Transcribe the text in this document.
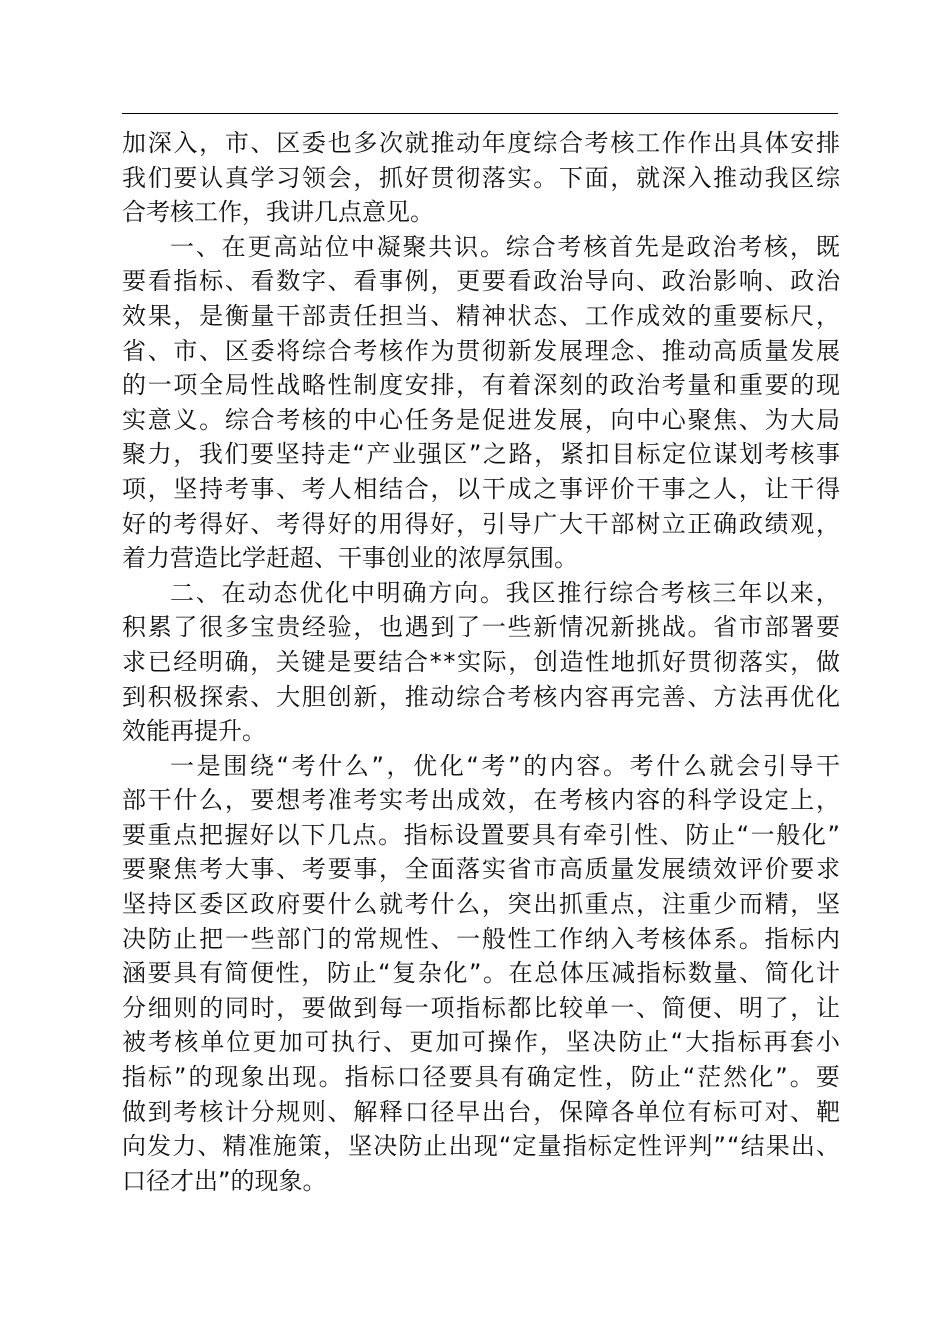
加 深 入 ， 市 、 区 委 也 多 次 就 推 动 年 度 综 合 考 核 工 作 作 出 具 体 安 排
我 们 要 认 真 学 习 领 会 ， 抓 好 贯 彻 落 实 。 下 面 ， 就 深 入 推 动 我 区 综
合 考 核 工 作 ， 我 讲 几 点 意 见 。
一 、 在 更 高 站 位 中 凝 聚 共 识 。 综 合 考 核 首 先 是 政 治 考 核 ， 既
要 看 指 标 、 看 数 字 、 看 事 例 ， 更 要 看 政 治 导 向 、 政 治 影 响 、 政 治
效 果 ， 是 衡 量 干 部 责 任 担 当 、 精 神 状 态 、 工 作 成 效 的 重 要 标 尺 ，
省 、 市 、 区 委 将 综 合 考 核 作 为 贯 彻 新 发 展 理 念 、 推 动 高 质 量 发 展
的 一 项 全 局 性 战 略 性 制 度 安 排 ， 有 着 深 刻 的 政 治 考 量 和 重 要 的 现
实 意 义 。 综 合 考 核 的 中 心 任 务 是 促 进 发 展 ， 向 中 心 聚 焦 、 为 大 局
聚 力 ， 我 们 要 坚 持 走 “ 产 业 强 区 ” 之 路 ， 紧 扣 目 标 定 位 谋 划 考 核 事
项 ， 坚 持 考 事 、 考 人 相 结 合 ， 以 干 成 之 事 评 价 干 事 之 人 ， 让 干 得
好 的 考 得 好 、 考 得 好 的 用 得 好 ， 引 导 广 大 干 部 树 立 正 确 政 绩 观 ，
着 力 营 造 比 学 赶 超 、 干 事 创 业 的 浓 厚 氛 围 。
二 、 在 动 态 优 化 中 明 确 方 向 。 我 区 推 行 综 合 考 核 三 年 以 来 ，
积 累 了 很 多 宝 贵 经 验 ， 也 遇 到 了 一 些 新 情 况 新 挑 战 。 省 市 部 署 要
求 已 经 明 确 ， 关 键 是 要 结 合 * * 实 际 ， 创 造 性 地 抓 好 贯 彻 落 实 ， 做
到 积 极 探 索 、 大 胆 创 新 ， 推 动 综 合 考 核 内 容 再 完 善 、 方 法 再 优 化
效 能 再 提 升 。
一 是 围 绕 “ 考 什 么 ” ， 优 化 “ 考 ” 的 内 容 。 考 什 么 就 会 引 导 干
部 干 什 么 ， 要 想 考 准 考 实 考 出 成 效 ， 在 考 核 内 容 的 科 学 设 定 上 ，
要 重 点 把 握 好 以 下 几 点 。 指 标 设 置 要 具 有 牵 引 性 、 防 止 “ 一 般 化 ”
要 聚 焦 考 大 事 、 考 要 事 ， 全 面 落 实 省 市 高 质 量 发 展 绩 效 评 价 要 求
坚 持 区 委 区 政 府 要 什 么 就 考 什 么 ， 突 出 抓 重 点 ， 注 重 少 而 精 ， 坚
决 防 止 把 一 些 部 门 的 常 规 性 、 一 般 性 工 作 纳 入 考 核 体 系 。 指 标 内
涵 要 具 有 简 便 性 ， 防 止 “ 复 杂 化 ” 。 在 总 体 压 减 指 标 数 量 、 简 化 计
分 细 则 的 同 时 ， 要 做 到 每 一 项 指 标 都 比 较 单 一 、 简 便 、 明 了 ， 让
被 考 核 单 位 更 加 可 执 行 、 更 加 可 操 作 ， 坚 决 防 止 “ 大 指 标 再 套 小
指 标 ” 的 现 象 出 现 。 指 标 口 径 要 具 有 确 定 性 ， 防 止 “ 茫 然 化 ” 。 要
做 到 考 核 计 分 规 则 、 解 释 口 径 早 出 台 ， 保 障 各 单 位 有 标 可 对 、 靶
向 发 力 、 精 准 施 策 ， 坚 决 防 止 出 现 “ 定 量 指 标 定 性 评 判 ” “ 结 果 出 、
口 径 才 出 ” 的 现 象 。
